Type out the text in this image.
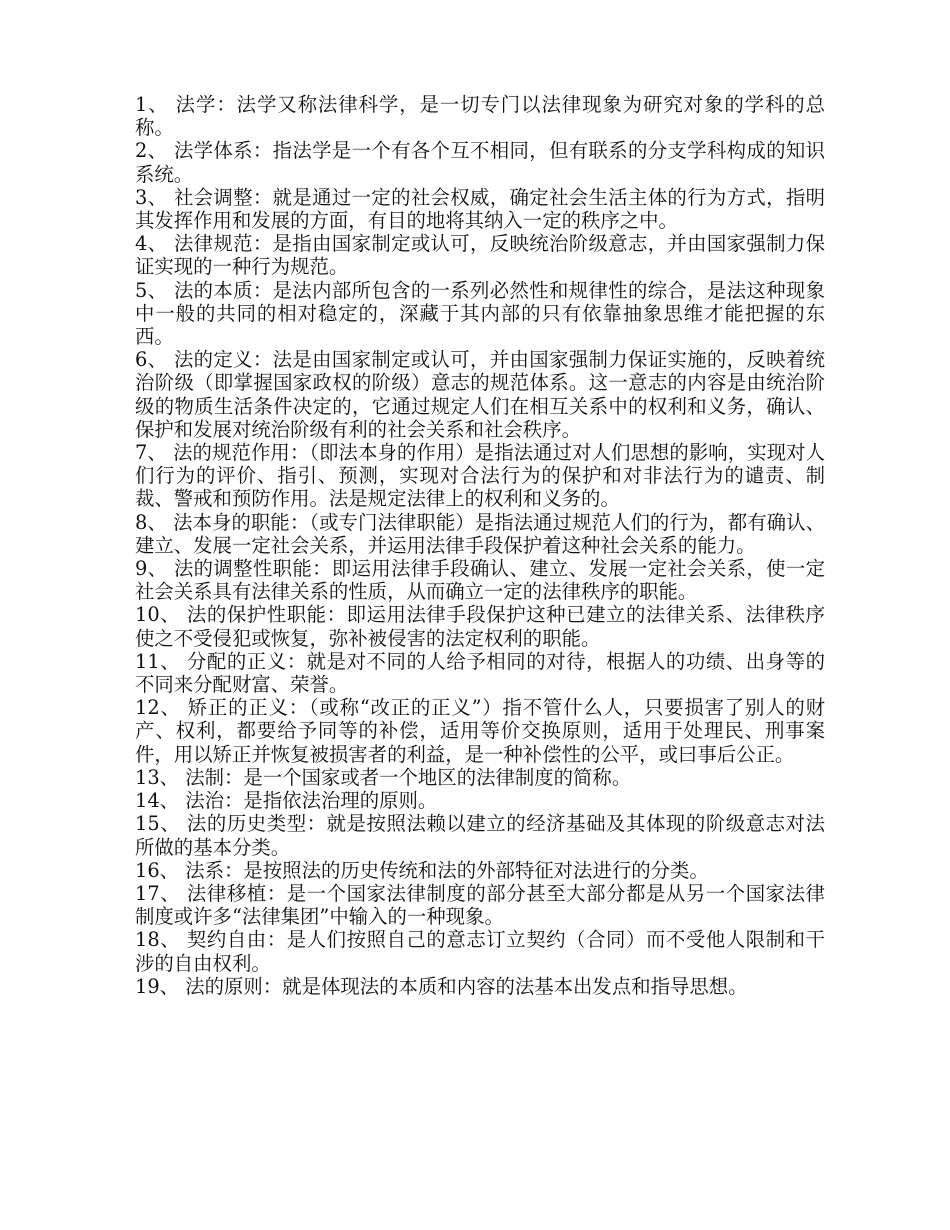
1、 法学：法学又称法律科学，是一切专门以法律现象为研究对象的学科的总称。

2、 法学体系：指法学是一个有各个互不相同，但有联系的分支学科构成的知识系统。

3、 社会调整：就是通过一定的社会权威，确定社会生活主体的行为方式，指明其发挥作用和发展的方面，有目的地将其纳入一定的秩序之中。

4、 法律规范：是指由国家制定或认可，反映统治阶级意志，并由国家强制力保证实现的一种行为规范。

5、 法的本质：是法内部所包含的一系列必然性和规律性的综合，是法这种现象中一般的共同的相对稳定的，深藏于其内部的只有依靠抽象思维才能把握的东西。

6、 法的定义：法是由国家制定或认可，并由国家强制力保证实施的，反映着统治阶级（即掌握国家政权的阶级）意志的规范体系。这一意志的内容是由统治阶级的物质生活条件决定的，它通过规定人们在相互关系中的权利和义务，确认、保护和发展对统治阶级有利的社会关系和社会秩序。

7、 法的规范作用：（即法本身的作用）是指法通过对人们思想的影响，实现对人们行为的评价、指引、预测，实现对合法行为的保护和对非法行为的谴责、制裁、警戒和预防作用。法是规定法律上的权利和义务的。

8、 法本身的职能：（或专门法律职能）是指法通过规范人们的行为，都有确认、建立、发展一定社会关系，并运用法律手段保护着这种社会关系的能力。

9、 法的调整性职能：即运用法律手段确认、建立、发展一定社会关系，使一定社会关系具有法律关系的性质，从而确立一定的法律秩序的职能。

10、 法的保护性职能：即运用法律手段保护这种已建立的法律关系、法律秩序使之不受侵犯或恢复，弥补被侵害的法定权利的职能。

11、 分配的正义：就是对不同的人给予相同的对待，根据人的功绩、出身等的不同来分配财富、荣誉。

12、 矫正的正义：（或称“改正的正义”）指不管什么人，只要损害了别人的财产、权利，都要给予同等的补偿，适用等价交换原则，适用于处理民、刑事案件，用以矫正并恢复被损害者的利益，是一种补偿性的公平，或曰事后公正。

13、 法制：是一个国家或者一个地区的法律制度的简称。

14、 法治：是指依法治理的原则。

15、 法的历史类型：就是按照法赖以建立的经济基础及其体现的阶级意志对法所做的基本分类。

16、 法系：是按照法的历史传统和法的外部特征对法进行的分类。

17、 法律移植：是一个国家法律制度的部分甚至大部分都是从另一个国家法律制度或许多“法律集团”中输入的一种现象。

18、 契约自由：是人们按照自己的意志订立契约（合同）而不受他人限制和干涉的自由权利。

19、 法的原则：就是体现法的本质和内容的法基本出发点和指导思想。
